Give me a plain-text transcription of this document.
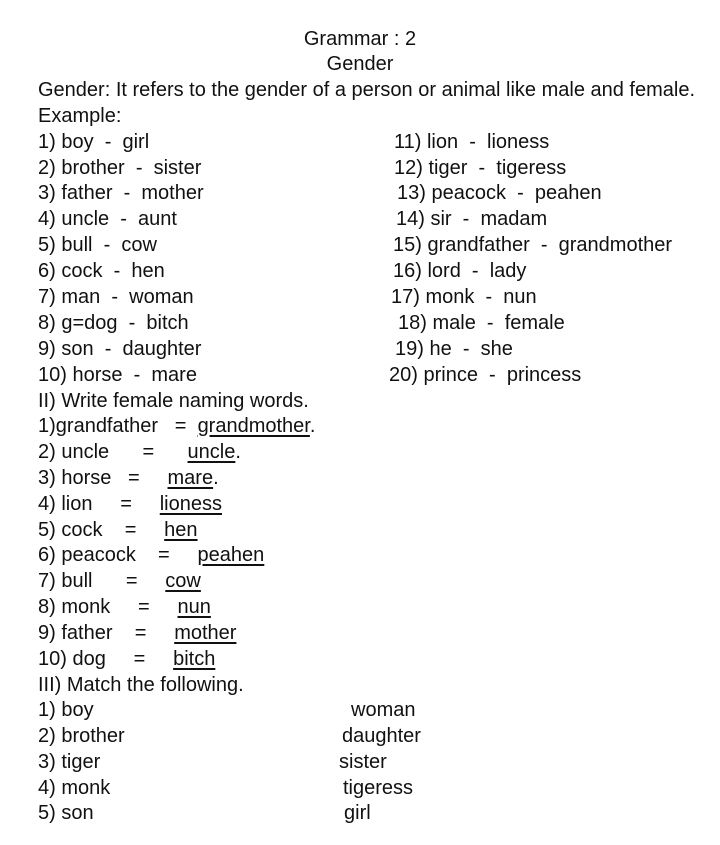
Grammar : 2
Gender
Gender: It refers to the gender of a person or animal like male and female.
Example:
1) boy  -  girl
2) brother  -  sister
3) father  -  mother
4) uncle  -  aunt
5) bull  -  cow
6) cock  -  hen
7) man  -  woman
8) g=dog  -  bitch
9) son  -  daughter
10) horse  -  mare
11) lion  -  lioness
12) tiger  -  tigeress
13) peacock  -  peahen
14) sir  -  madam
15) grandfather  -  grandmother
16) lord  -  lady
17) monk  -  nun
18) male  -  female
19) he  -  she
20) prince  -  princess
II) Write female naming words.
1)grandfather   = grandmother.
2) uncle      = uncle.
3) horse   = mare.
4) lion     = lioness
5) cock    = hen
6) peacock    = peahen
7) bull      = cow
8) monk     = nun
9) father    = mother
10) dog     = bitch
III) Match the following.
1) boy
2) brother
3) tiger
4) monk
5) son
woman
daughter
sister
tigeress
girl
